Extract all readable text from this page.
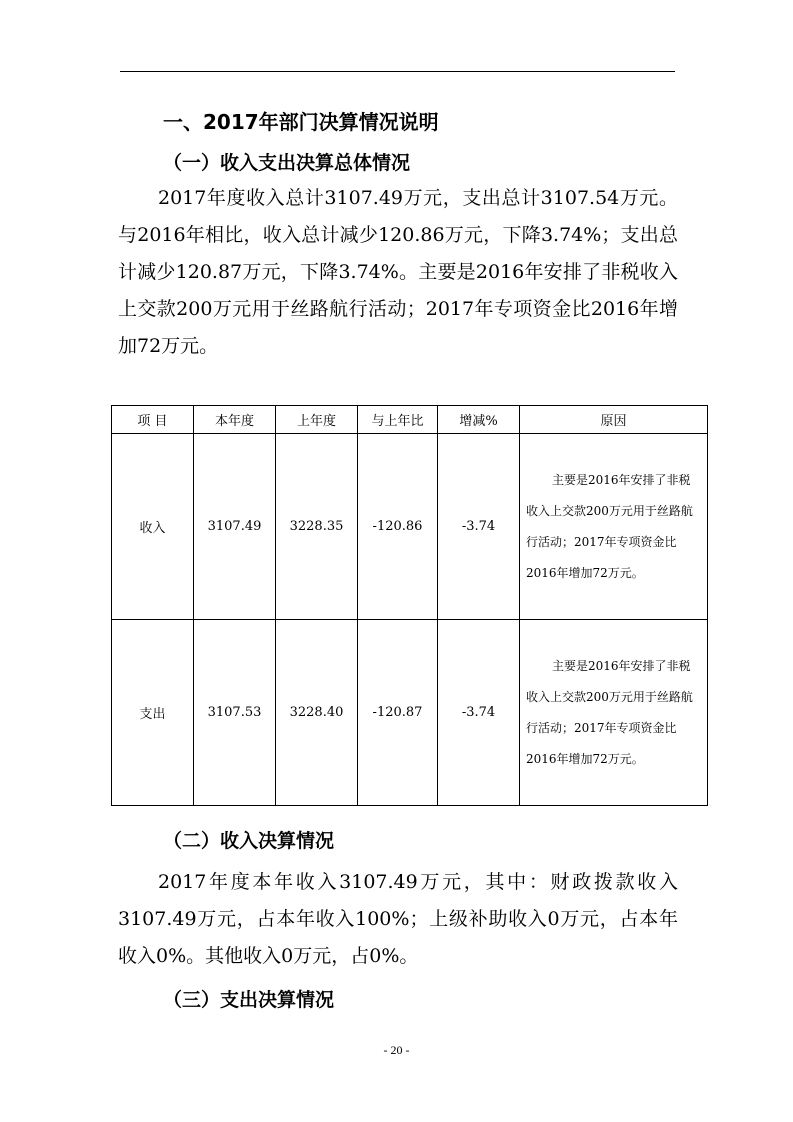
一、2017年部门决算情况说明
（一）收入支出决算总体情况

2017年度收入总计3107.49万元，支出总计3107.54万元。与2016年相比，收入总计减少120.86万元，下降3.74%；支出总计减少120.87万元，下降3.74%。主要是2016年安排了非税收入上交款200万元用于丝路航行活动；2017年专项资金比2016年增加72万元。

项 目	本年度	上年度	与上年比	增减%	原因
收入	3107.49	3228.35	-120.86	-3.74	主要是2016年安排了非税收入上交款200万元用于丝路航行活动；2017年专项资金比2016年增加72万元。
支出	3107.53	3228.40	-120.87	-3.74	主要是2016年安排了非税收入上交款200万元用于丝路航行活动；2017年专项资金比2016年增加72万元。
（二）收入决算情况

2017年度本年收入3107.49万元，其中：财政拨款收入3107.49万元，占本年收入100%；上级补助收入0万元，占本年收入0%。其他收入0万元，占0%。

（三）支出决算情况
- 20 -
